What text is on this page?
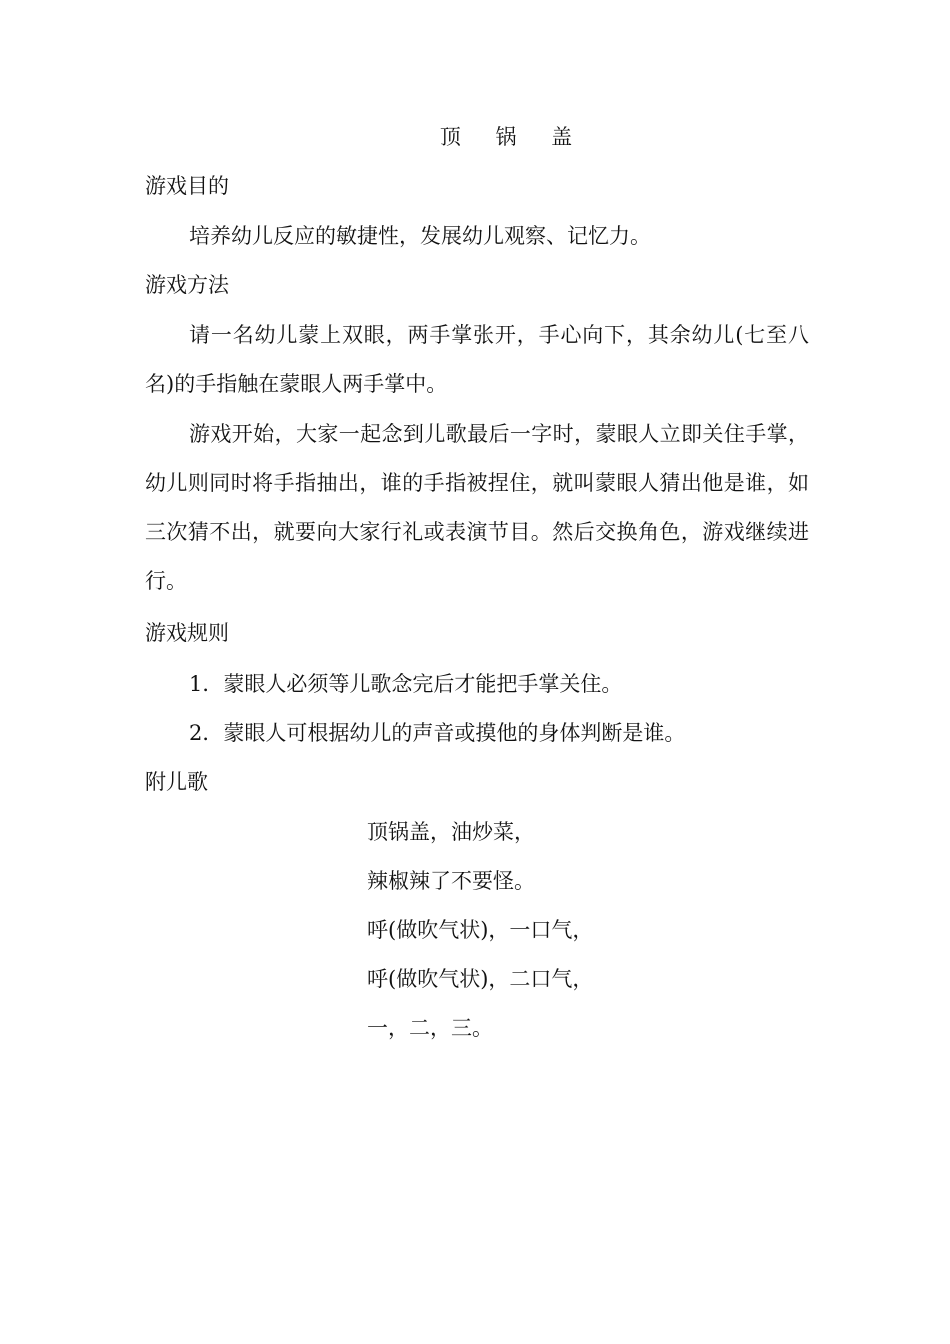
顶 锅 盖
游戏目的
培养幼儿反应的敏捷性，发展幼儿观察、记忆力。
游戏方法
请一名幼儿蒙上双眼，两手掌张开，手心向下，其余幼儿(七至八名)的手指触在蒙眼人两手掌中。
游戏开始，大家一起念到儿歌最后一字时，蒙眼人立即关住手掌，幼儿则同时将手指抽出，谁的手指被捏住，就叫蒙眼人猜出他是谁，如三次猜不出，就要向大家行礼或表演节目。然后交换角色，游戏继续进行。
游戏规则
1．蒙眼人必须等儿歌念完后才能把手掌关住。
2．蒙眼人可根据幼儿的声音或摸他的身体判断是谁。
附儿歌
顶锅盖，油炒菜，
辣椒辣了不要怪。
呼(做吹气状)，一口气，
呼(做吹气状)，二口气，
一，二，三。
